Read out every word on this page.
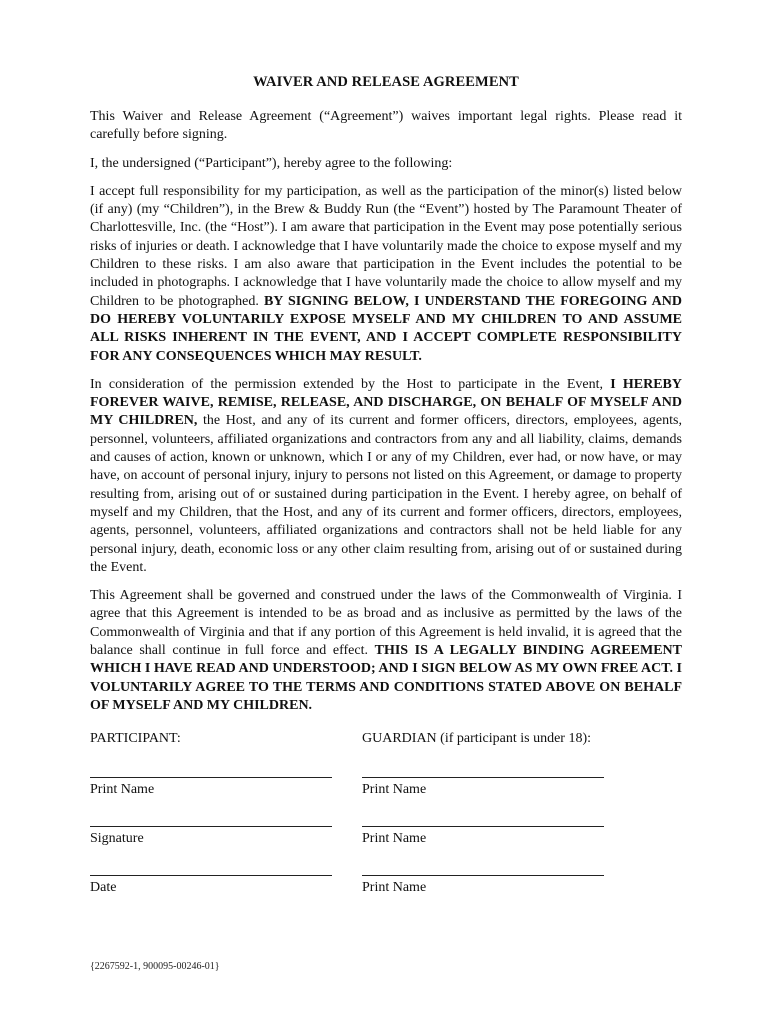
WAIVER AND RELEASE AGREEMENT

This Waiver and Release Agreement (“Agreement”) waives important legal rights. Please read it carefully before signing.

I, the undersigned (“Participant”), hereby agree to the following:

I accept full responsibility for my participation, as well as the participation of the minor(s) listed below (if any) (my “Children”), in the Brew & Buddy Run (the “Event”) hosted by The Paramount Theater of Charlottesville, Inc. (the “Host”). I am aware that participation in the Event may pose potentially serious risks of injuries or death. I acknowledge that I have voluntarily made the choice to expose myself and my Children to these risks. I am also aware that participation in the Event includes the potential to be included in photographs. I acknowledge that I have voluntarily made the choice to allow myself and my Children to be photographed. BY SIGNING BELOW, I UNDERSTAND THE FOREGOING AND DO HEREBY VOLUNTARILY EXPOSE MYSELF AND MY CHILDREN TO AND ASSUME ALL RISKS INHERENT IN THE EVENT, AND I ACCEPT COMPLETE RESPONSIBILITY FOR ANY CONSEQUENCES WHICH MAY RESULT.

In consideration of the permission extended by the Host to participate in the Event, I HEREBY FOREVER WAIVE, REMISE, RELEASE, AND DISCHARGE, ON BEHALF OF MYSELF AND MY CHILDREN, the Host, and any of its current and former officers, directors, employees, agents, personnel, volunteers, affiliated organizations and contractors from any and all liability, claims, demands and causes of action, known or unknown, which I or any of my Children, ever had, or now have, or may have, on account of personal injury, injury to persons not listed on this Agreement, or damage to property resulting from, arising out of or sustained during participation in the Event. I hereby agree, on behalf of myself and my Children, that the Host, and any of its current and former officers, directors, employees, agents, personnel, volunteers, affiliated organizations and contractors shall not be held liable for any personal injury, death, economic loss or any other claim resulting from, arising out of or sustained during the Event.

This Agreement shall be governed and construed under the laws of the Commonwealth of Virginia. I agree that this Agreement is intended to be as broad and as inclusive as permitted by the laws of the Commonwealth of Virginia and that if any portion of this Agreement is held invalid, it is agreed that the balance shall continue in full force and effect. THIS IS A LEGALLY BINDING AGREEMENT WHICH I HAVE READ AND UNDERSTOOD; AND I SIGN BELOW AS MY OWN FREE ACT. I VOLUNTARILY AGREE TO THE TERMS AND CONDITIONS STATED ABOVE ON BEHALF OF MYSELF AND MY CHILDREN.

PARTICIPANT:	GUARDIAN (if participant is under 18):
Print Name	Print Name
Signature	Print Name
Date	Print Name
{2267592-1, 900095-00246-01}
